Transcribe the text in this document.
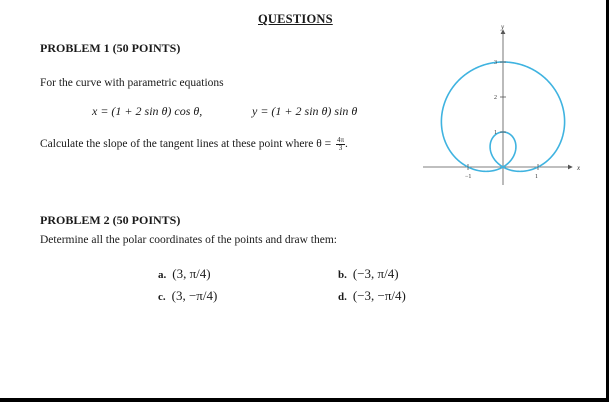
QUESTIONS
PROBLEM 1 (50 POINTS)
For the curve with parametric equations
x = (1 + 2 sin θ) cos θ,	y = (1 + 2 sin θ) sin θ
Calculate the slope of the tangent lines at these point where $\theta = \frac{4\pi}{3}$ .
PROBLEM 2 (50 POINTS)
Determine all the polar coordinates of the points and draw them:
a. (3, π/4)	b. (−3, π/4)
c. (3, −π/4)	d. (−3, −π/4)
−1	1
1
2
3
x
y
